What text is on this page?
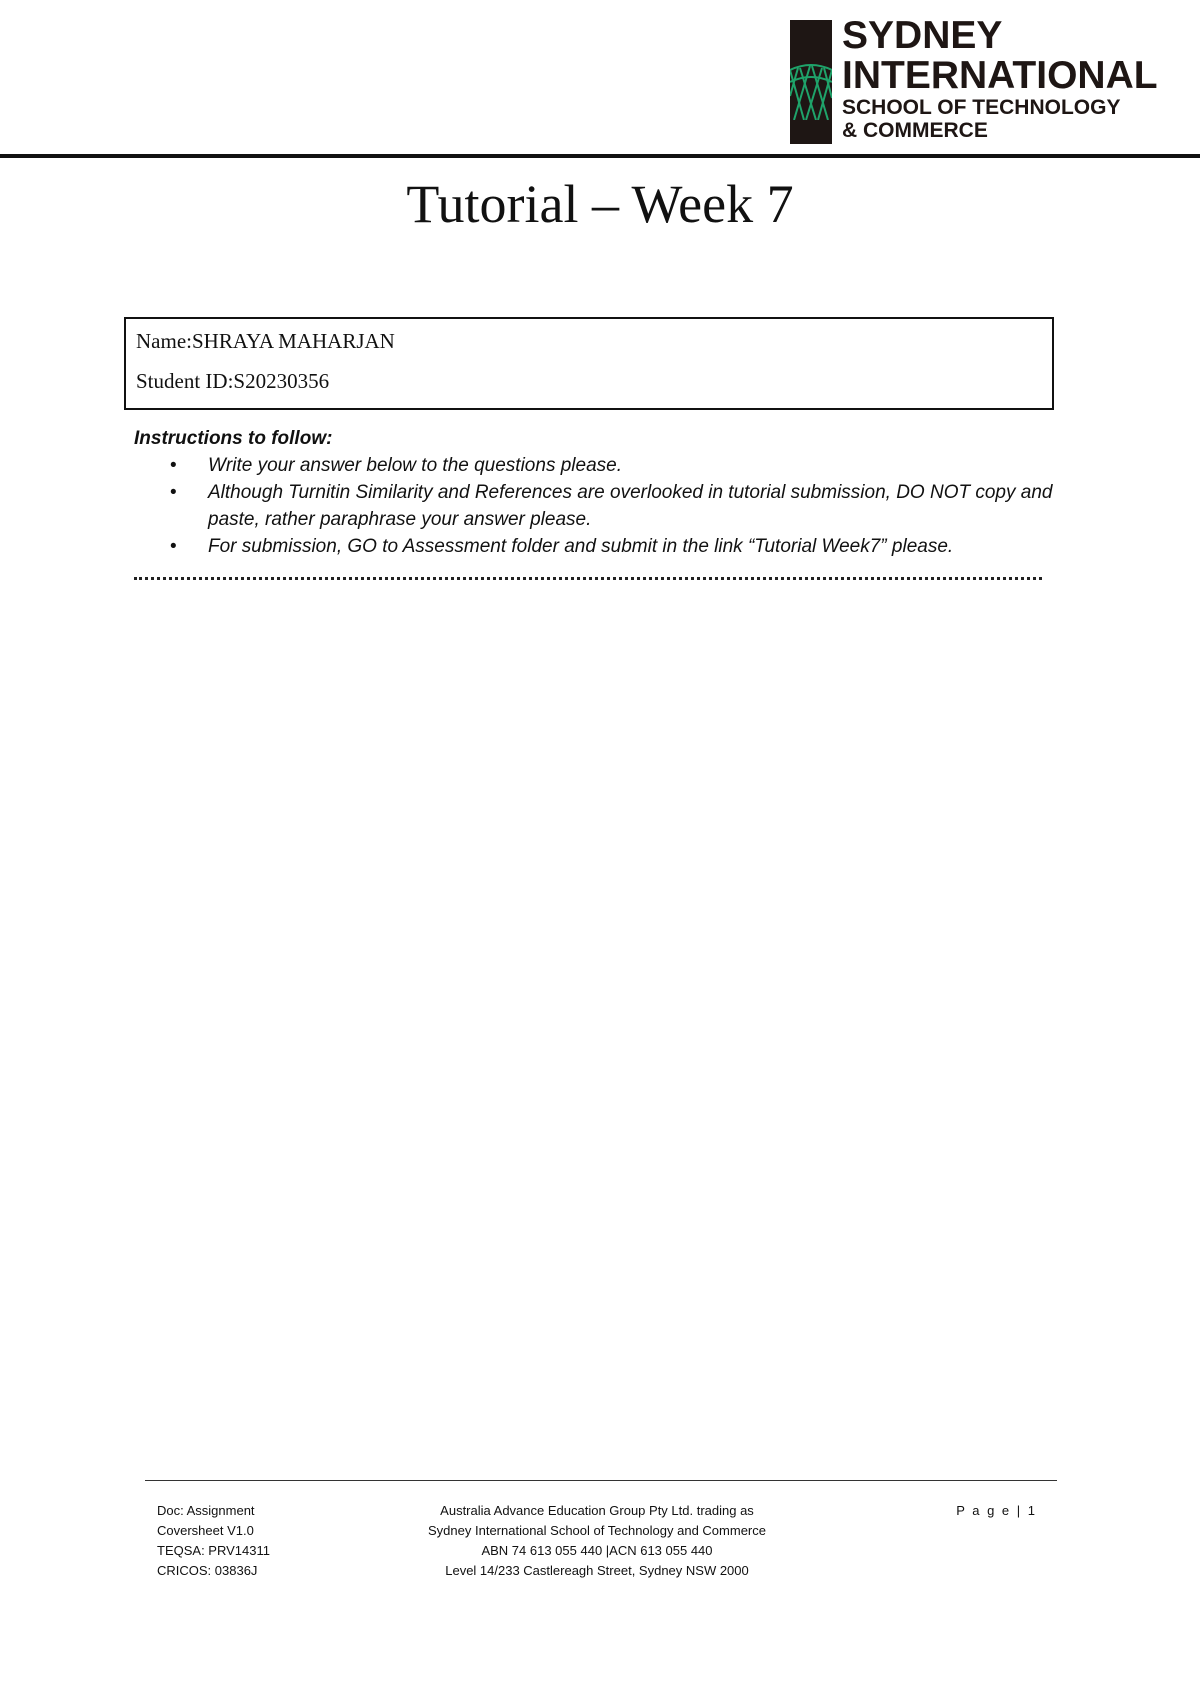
SYDNEY
INTERNATIONAL
SCHOOL OF TECHNOLOGY
& COMMERCE
Tutorial – Week 7
Name:SHRAYA MAHARJAN
Student ID:S20230356
Instructions to follow:
• Write your answer below to the questions please.
• Although Turnitin Similarity and References are overlooked in tutorial submission, DO NOT copy and paste, rather paraphrase your answer please.
• For submission, GO to Assessment folder and submit in the link “Tutorial Week7” please.
Doc: Assignment
Coversheet V1.0
TEQSA: PRV14311
CRICOS: 03836J
Australia Advance Education Group Pty Ltd. trading as
Sydney International School of Technology and Commerce
ABN 74 613 055 440 |ACN 613 055 440
Level 14/233 Castlereagh Street, Sydney NSW 2000
P a g e | 1
